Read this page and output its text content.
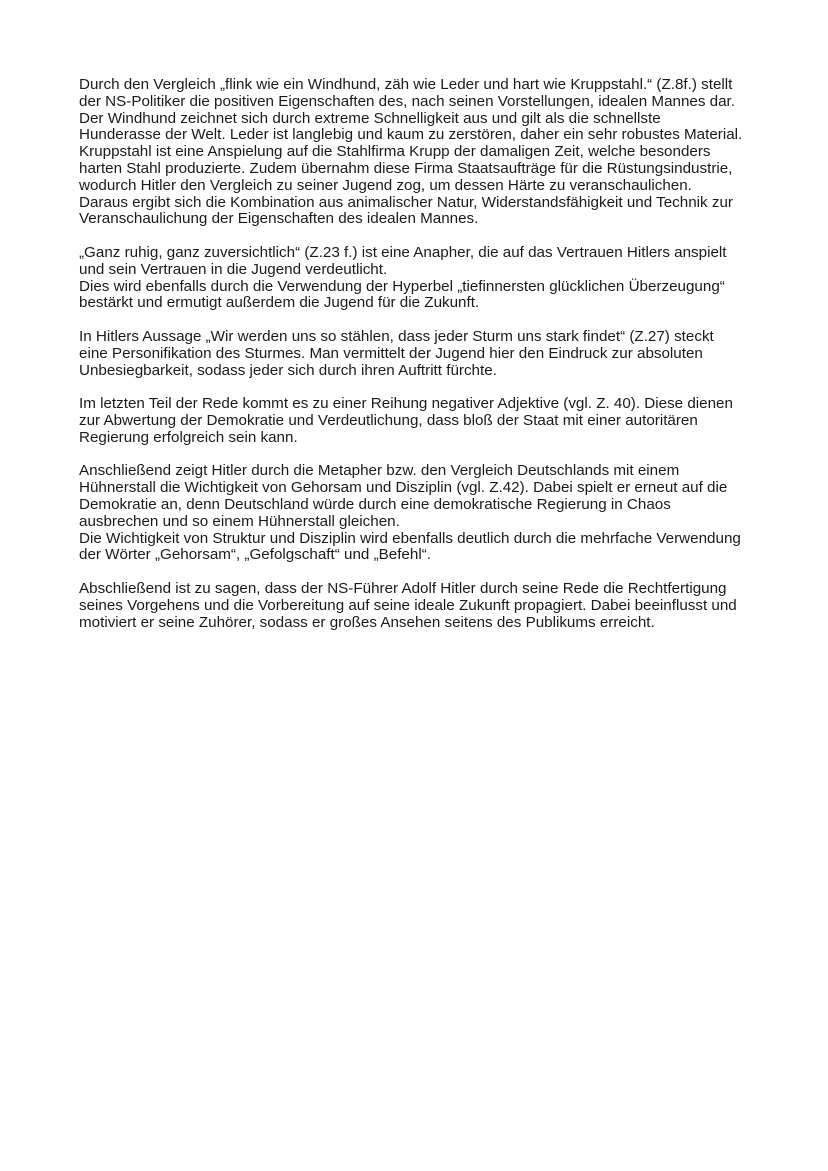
Durch den Vergleich „flink wie ein Windhund, zäh wie Leder und hart wie Kruppstahl.“ (Z.8f.) stellt
der NS-Politiker die positiven Eigenschaften des, nach seinen Vorstellungen, idealen Mannes dar.
Der Windhund zeichnet sich durch extreme Schnelligkeit aus und gilt als die schnellste
Hunderasse der Welt. Leder ist langlebig und kaum zu zerstören, daher ein sehr robustes Material.
Kruppstahl ist eine Anspielung auf die Stahlfirma Krupp der damaligen Zeit, welche besonders
harten Stahl produzierte. Zudem übernahm diese Firma Staatsaufträge für die Rüstungsindustrie,
wodurch Hitler den Vergleich zu seiner Jugend zog, um dessen Härte zu veranschaulichen.
Daraus ergibt sich die Kombination aus animalischer Natur, Widerstandsfähigkeit und Technik zur
Veranschaulichung der Eigenschaften des idealen Mannes.

„Ganz ruhig, ganz zuversichtlich“ (Z.23 f.) ist eine Anapher, die auf das Vertrauen Hitlers anspielt
und sein Vertrauen in die Jugend verdeutlicht.
Dies wird ebenfalls durch die Verwendung der Hyperbel „tiefinnersten glücklichen Überzeugung“
bestärkt und ermutigt außerdem die Jugend für die Zukunft.

In Hitlers Aussage „Wir werden uns so stählen, dass jeder Sturm uns stark findet“ (Z.27) steckt
eine Personifikation des Sturmes. Man vermittelt der Jugend hier den Eindruck zur absoluten
Unbesiegbarkeit, sodass jeder sich durch ihren Auftritt fürchte.

Im letzten Teil der Rede kommt es zu einer Reihung negativer Adjektive (vgl. Z. 40). Diese dienen
zur Abwertung der Demokratie und Verdeutlichung, dass bloß der Staat mit einer autoritären
Regierung erfolgreich sein kann.

Anschließend zeigt Hitler durch die Metapher bzw. den Vergleich Deutschlands mit einem
Hühnerstall die Wichtigkeit von Gehorsam und Disziplin (vgl. Z.42). Dabei spielt er erneut auf die
Demokratie an, denn Deutschland würde durch eine demokratische Regierung in Chaos
ausbrechen und so einem Hühnerstall gleichen.
Die Wichtigkeit von Struktur und Disziplin wird ebenfalls deutlich durch die mehrfache Verwendung
der Wörter „Gehorsam“, „Gefolgschaft“ und „Befehl“.

Abschließend ist zu sagen, dass der NS-Führer Adolf Hitler durch seine Rede die Rechtfertigung
seines Vorgehens und die Vorbereitung auf seine ideale Zukunft propagiert. Dabei beeinflusst und
motiviert er seine Zuhörer, sodass er großes Ansehen seitens des Publikums erreicht.
